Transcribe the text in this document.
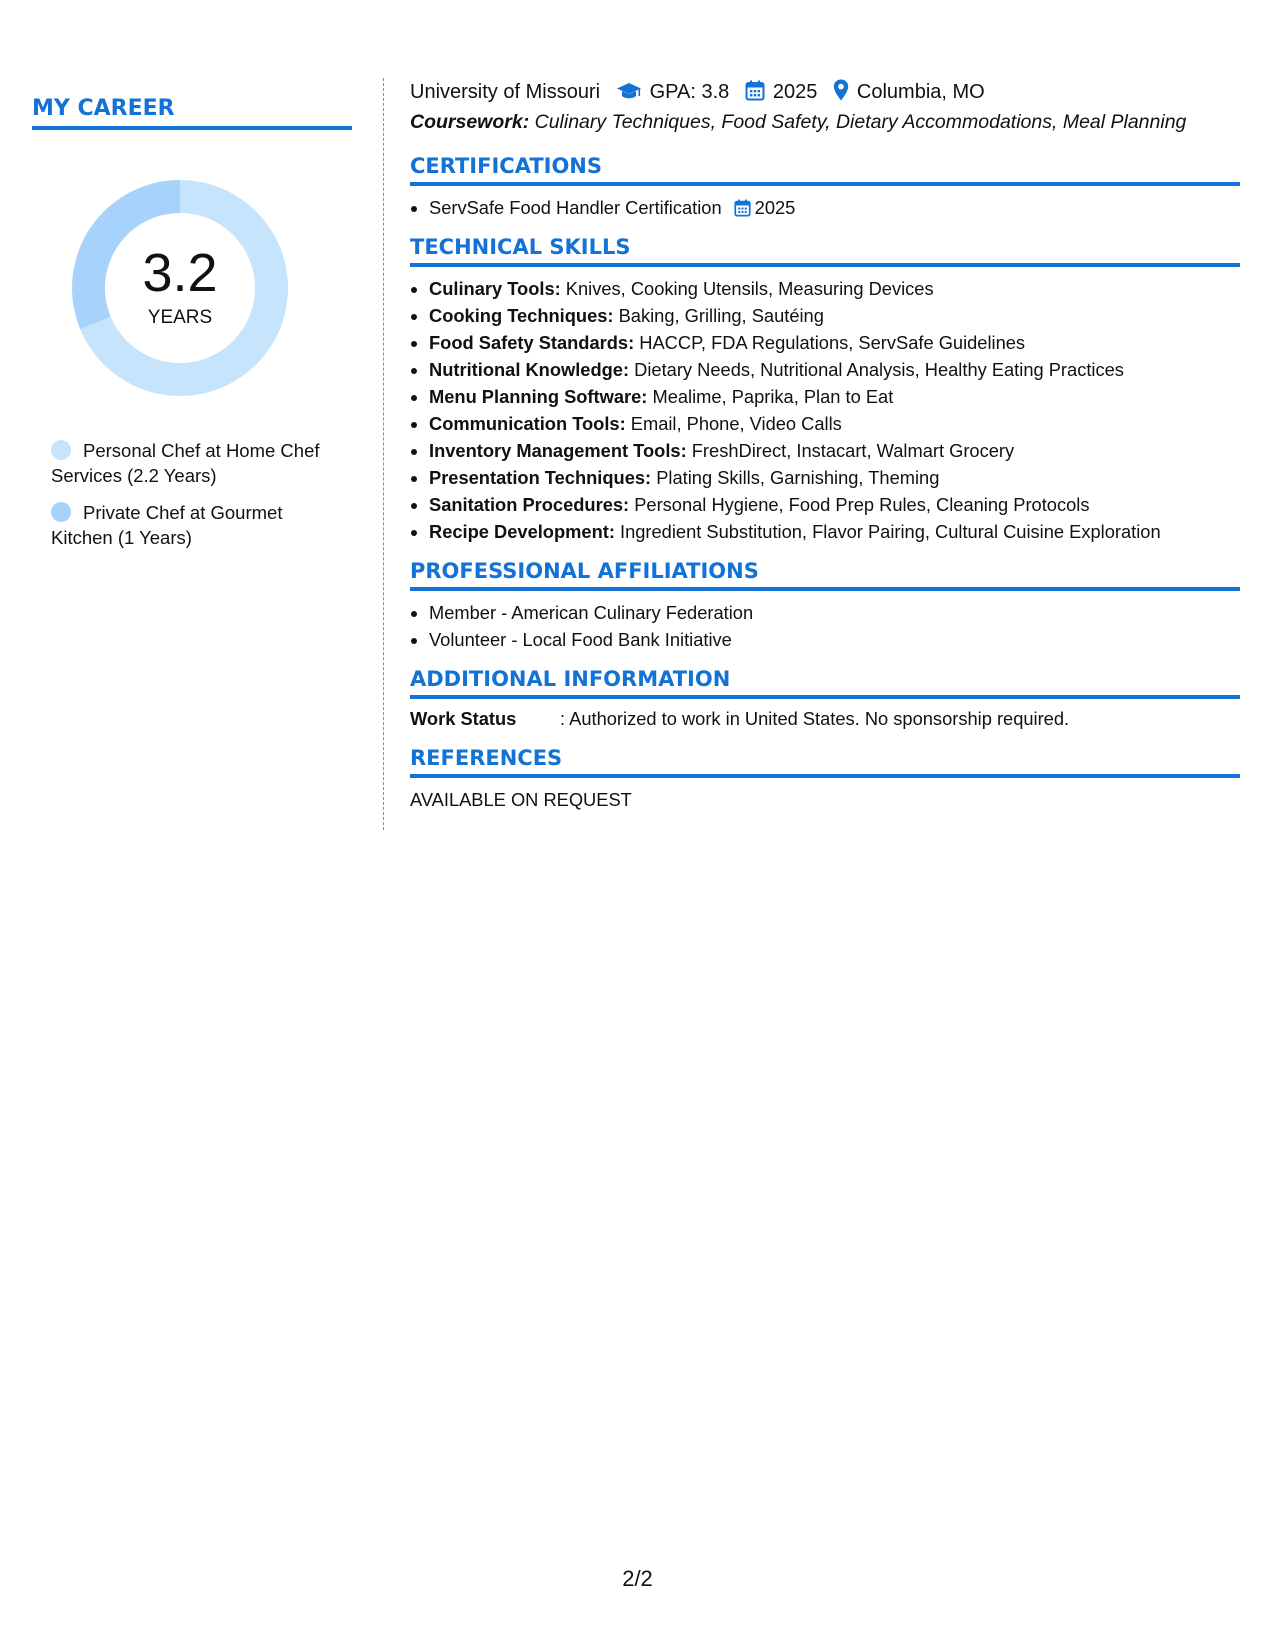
MY CAREER
3.2
YEARS
Personal Chef at Home Chef Services (2.2 Years)
Private Chef at Gourmet Kitchen (1 Years)

University of Missouri GPA: 3.8 2025 Columbia, MO

Coursework: Culinary Techniques, Food Safety, Dietary Accommodations, Meal Planning

CERTIFICATIONS
• ServSafe Food Handler Certification 2025
TECHNICAL SKILLS
• Culinary Tools: Knives, Cooking Utensils, Measuring Devices
• Cooking Techniques: Baking, Grilling, Sautéing
• Food Safety Standards: HACCP, FDA Regulations, ServSafe Guidelines
• Nutritional Knowledge: Dietary Needs, Nutritional Analysis, Healthy Eating Practices
• Menu Planning Software: Mealime, Paprika, Plan to Eat
• Communication Tools: Email, Phone, Video Calls
• Inventory Management Tools: FreshDirect, Instacart, Walmart Grocery
• Presentation Techniques: Plating Skills, Garnishing, Theming
• Sanitation Procedures: Personal Hygiene, Food Prep Rules, Cleaning Protocols
• Recipe Development: Ingredient Substitution, Flavor Pairing, Cultural Cuisine Exploration
PROFESSIONAL AFFILIATIONS
• Member - American Culinary Federation
• Volunteer - Local Food Bank Initiative
ADDITIONAL INFORMATION

Work Status : Authorized to work in United States. No sponsorship required.

REFERENCES

AVAILABLE ON REQUEST

2/2
